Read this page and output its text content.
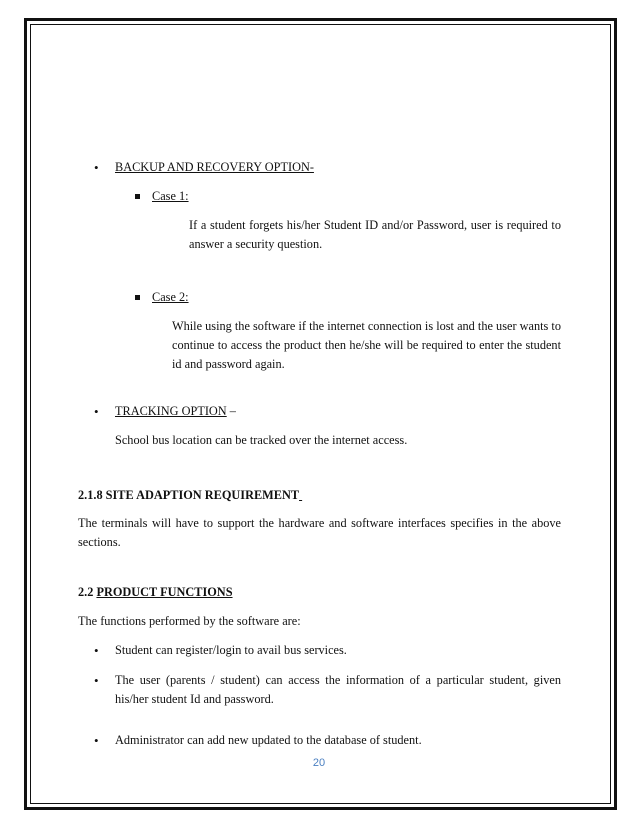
• BACKUP AND RECOVERY OPTION-

Case 1:

If a student forgets his/her Student ID and/or Password, user is required to answer a security question.

Case 2:

While using the software if the internet connection is lost and the user wants to continue to access the product then he/she will be required to enter the student id and password again.

• TRACKING OPTION –

School bus location can be tracked over the internet access.

2.1.8 SITE ADAPTION REQUIREMENT

The terminals will have to support the hardware and software interfaces specifies in the above sections.

2.2 PRODUCT FUNCTIONS

The functions performed by the software are:

• Student can register/login to avail bus services.

• The user (parents / student) can access the information of a particular student, given his/her student Id and password.

• Administrator can add new updated to the database of student.

20
